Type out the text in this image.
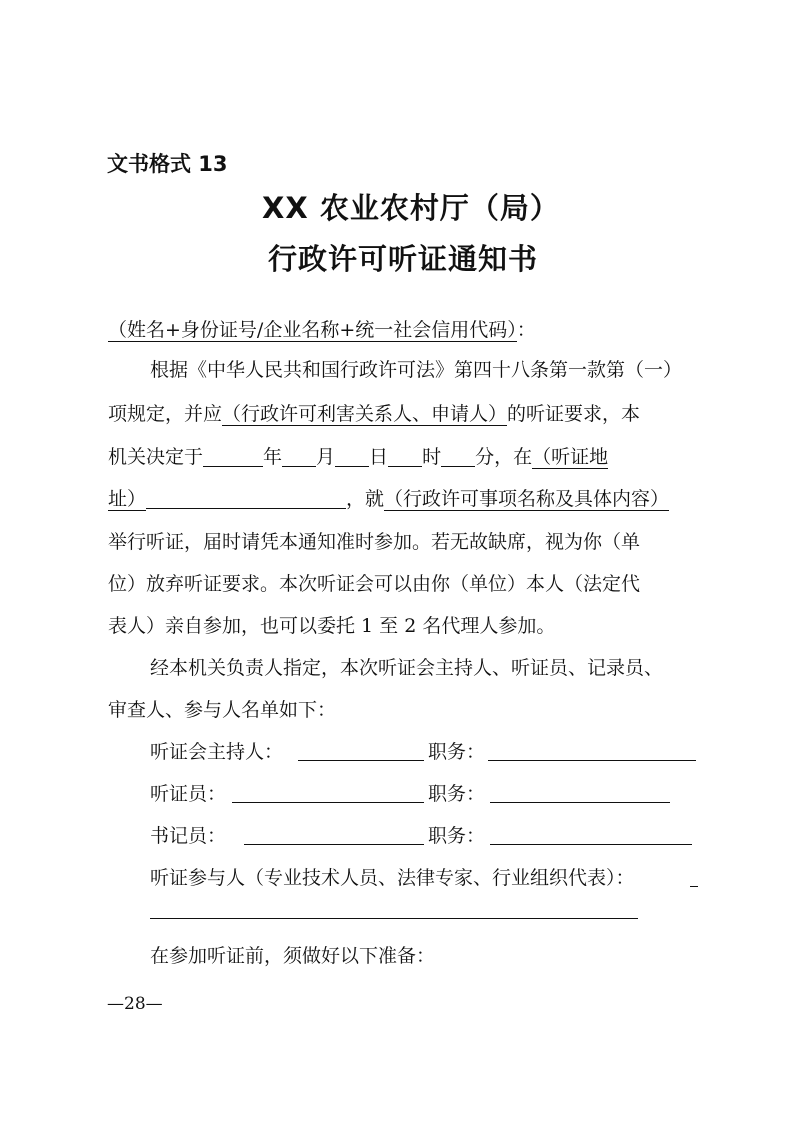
文书格式 13
XX 农业农村厅（局）
行政许可听证通知书
（姓名+身份证号/企业名称+统一社会信用代码）：
根据《中华人民共和国行政许可法》第四十八条第一款第（一）
项规定，并应（行政许可利害关系人、申请人）的听证要求，本
机关决定于	年 月 日 时 分，在（听证地
址）	，就（行政许可事项名称及具体内容）
举行听证，届时请凭本通知准时参加。若无故缺席，视为你（单
位）放弃听证要求。本次听证会可以由你（单位）本人（法定代
表人）亲自参加，也可以委托 1 至 2 名代理人参加。
经本机关负责人指定，本次听证会主持人、听证员、记录员、
审查人、参与人名单如下：
听证会主持人：	职务：
听证员：	职务：
书记员：	职务：
听证参与人（专业技术人员、法律专家、行业组织代表）：
在参加听证前，须做好以下准备：
—28—
